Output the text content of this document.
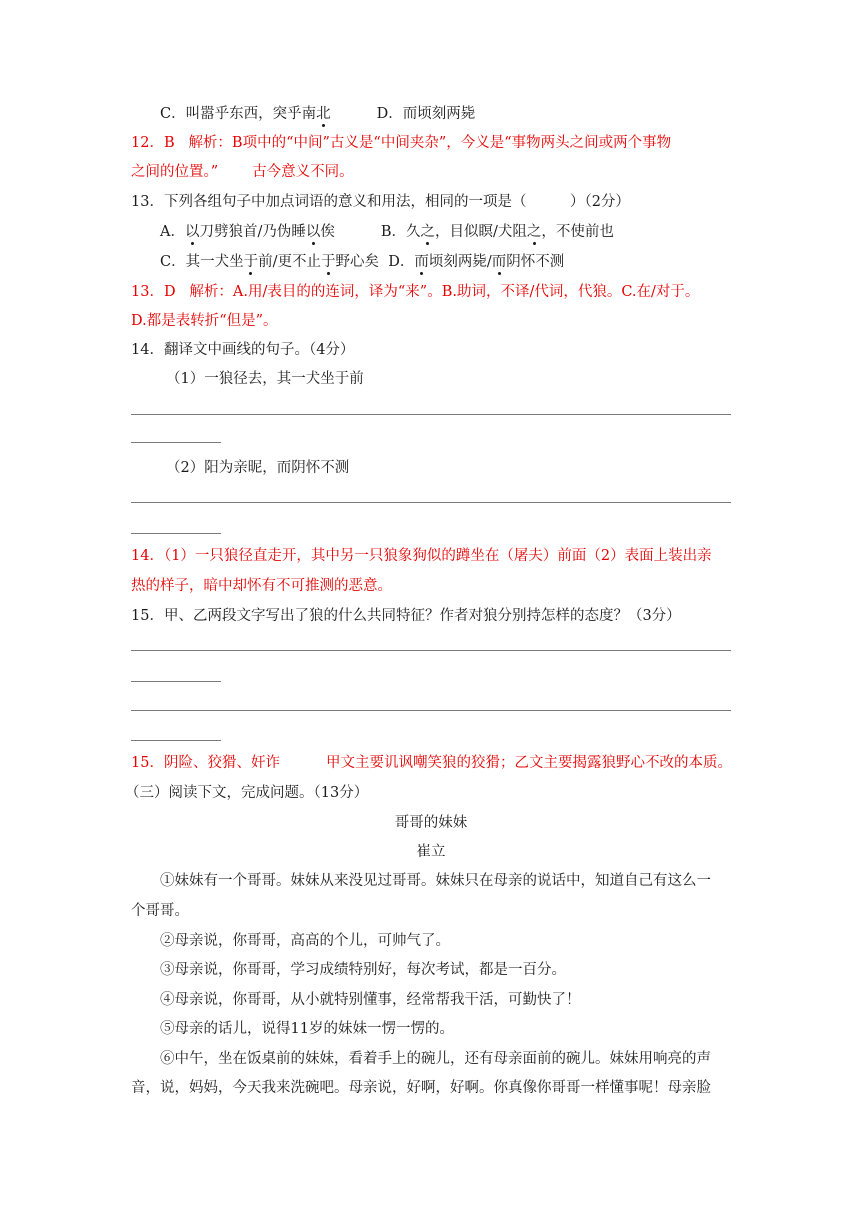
C．叫嚣乎东西，突乎南北	D．而顷刻两毙
12．B 解析：B项中的“中间”古义是“中间夹杂”，今义是“事物两头之间或两个事物
之间的位置。” 古今意义不同。
13．下列各组句子中加点词语的意义和用法，相同的一项是（　　　）（2分）
A．以刀劈狼首/乃伪睡以俟	B．久之，目似瞑/犬阻之，不使前也
C．其一犬坐于前/更不止于野心矣 D．而顷刻两毙/而阴怀不测
13．D 解析：A.用/表目的的连词，译为“来”。B.助词，不译/代词，代狼。C.在/对于。
D.都是表转折“但是”。
14．翻译文中画线的句子。（4分）
（1）一狼径去，其一犬坐于前
（2）阳为亲昵，而阴怀不测
14．（1）一只狼径直走开，其中另一只狼象狗似的蹲坐在（屠夫）前面（2）表面上装出亲
热的样子，暗中却怀有不可推测的恶意。
15．甲、乙两段文字写出了狼的什么共同特征？作者对狼分别持怎样的态度？（3分）
15．阴险、狡猾、奸诈	甲文主要讥讽嘲笑狼的狡猾；乙文主要揭露狼野心不改的本质。
（三）阅读下文，完成问题。（13分）
哥哥的妹妹
崔立
①妹妹有一个哥哥。妹妹从来没见过哥哥。妹妹只在母亲的说话中，知道自己有这么一
个哥哥。
②母亲说，你哥哥，高高的个儿，可帅气了。
③母亲说，你哥哥，学习成绩特别好，每次考试，都是一百分。
④母亲说，你哥哥，从小就特别懂事，经常帮我干活，可勤快了！
⑤母亲的话儿，说得11岁的妹妹一愣一愣的。
⑥中午，坐在饭桌前的妹妹，看着手上的碗儿，还有母亲面前的碗儿。妹妹用响亮的声
音，说，妈妈，今天我来洗碗吧。母亲说，好啊，好啊。你真像你哥哥一样懂事呢！母亲脸
